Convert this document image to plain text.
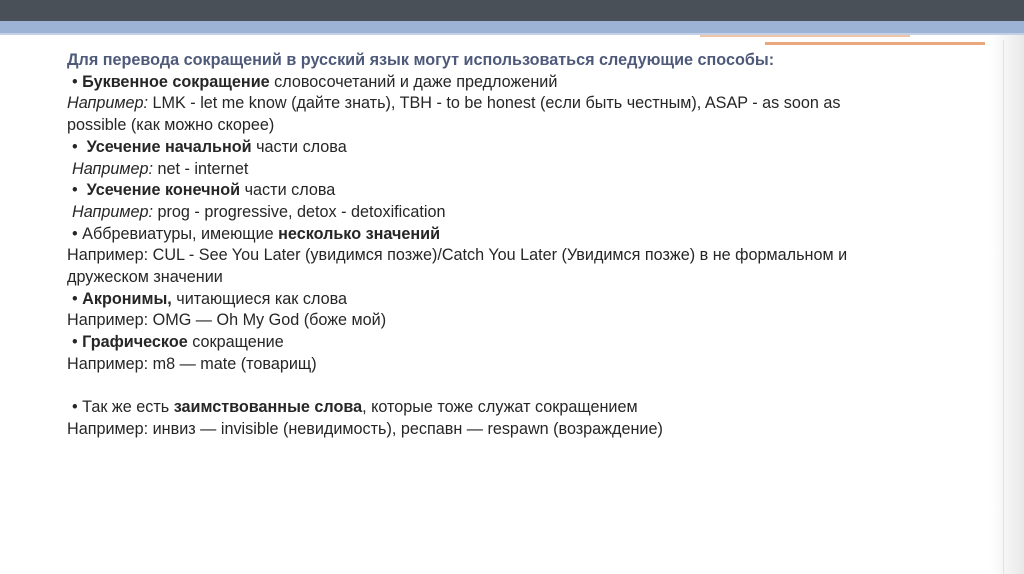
Для перевода сокращений в русский язык могут использоваться следующие способы:
• Буквенное сокращение словосочетаний и даже предложений
Например: LMK - let me know (дайте знать), TBH - to be honest (если быть честным), ASAP - as soon as
possible (как можно скорее)
• Усечение начальной части слова
Например: net - internet
• Усечение конечной части слова
Например: prog - progressive, detox - detoxification
• Аббревиатуры, имеющие несколько значений
Например: CUL - See You Later (увидимся позже)/Catch You Later (Увидимся позже) в не формальном и
дружеском значении
• Акронимы, читающиеся как слова
Например: OMG — Oh My God (боже мой)
• Графическое сокращение
Например: m8 — mate (товарищ)
• Так же есть заимствованные слова, которые тоже служат сокращением
Например: инвиз — invisible (невидимость), респавн — respawn (возраждение)
